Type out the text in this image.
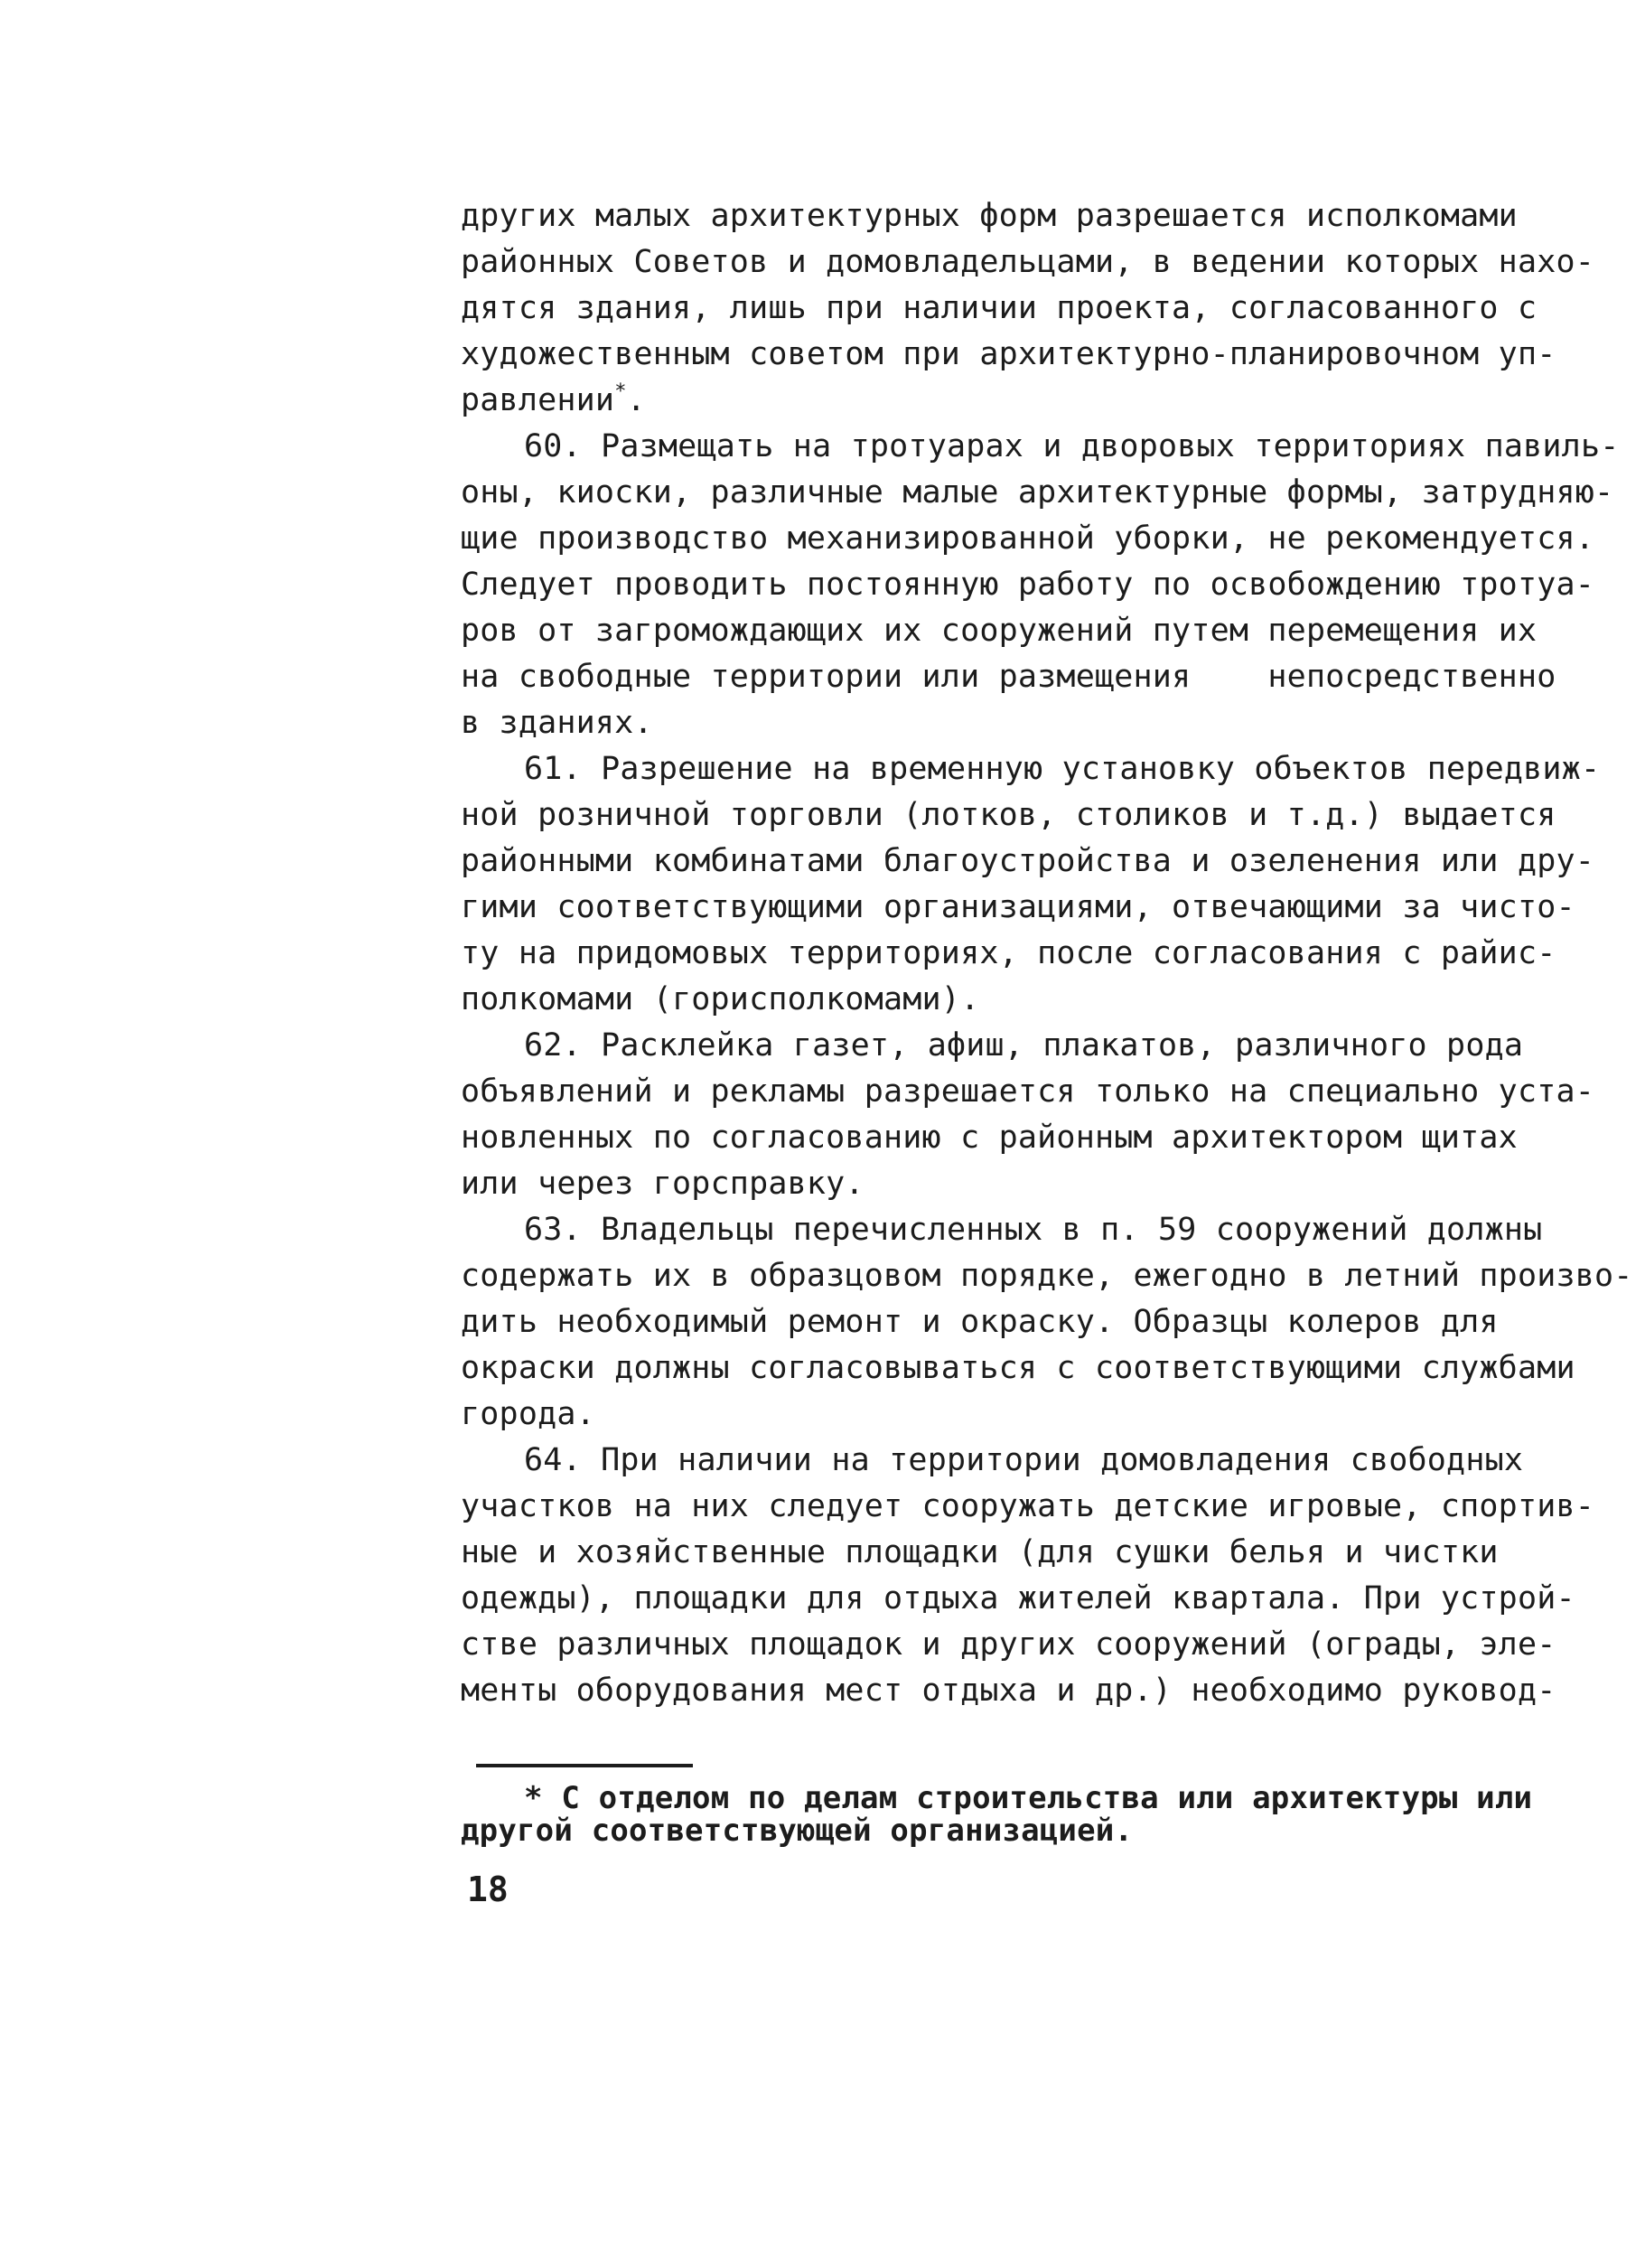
других малых архитектурных форм разрешается исполкомами
районных Советов и домовладельцами, в ведении которых нахо-
дятся здания, лишь при наличии проекта, согласованного с
художественным советом при архитектурно-планировочном уп-
равлении*.
60. Размещать на тротуарах и дворовых территориях павиль-
оны, киоски, различные малые архитектурные формы, затрудняю-
щие производство механизированной уборки, не рекомендуется.
Следует проводить постоянную работу по освобождению тротуа-
ров от загромождающих их сооружений путем перемещения их
на свободные территории или размещения    непосредственно
в зданиях.
61. Разрешение на временную установку объектов передвиж-
ной розничной торговли (лотков, столиков и т.д.) выдается
районными комбинатами благоустройства и озеленения или дру-
гими соответствующими организациями, отвечающими за чисто-
ту на придомовых территориях, после согласования с райис-
полкомами (горисполкомами).
62. Расклейка газет, афиш, плакатов, различного рода
объявлений и рекламы разрешается только на специально уста-
новленных по согласованию с районным архитектором щитах
или через горсправку.
63. Владельцы перечисленных в п. 59 сооружений должны
содержать их в образцовом порядке, ежегодно в летний произво-
дить необходимый ремонт и окраску. Образцы колеров для
окраски должны согласовываться с соответствующими службами
города.
64. При наличии на территории домовладения свободных
участков на них следует сооружать детские игровые, спортив-
ные и хозяйственные площадки (для сушки белья и чистки
одежды), площадки для отдыха жителей квартала. При устрой-
стве различных площадок и других сооружений (ограды, эле-
менты оборудования мест отдыха и др.) необходимо руковод-
* С отделом по делам строительства или архитектуры или
другой соответствующей организацией.
18
